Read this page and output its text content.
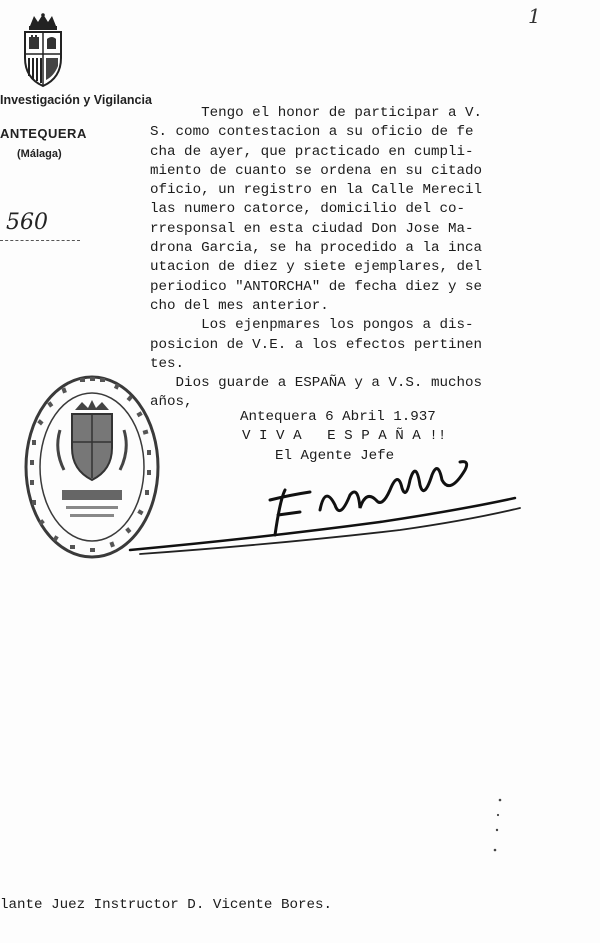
Investigación y Vigilancia
ANTEQUERA
(Málaga)
560
1
Tengo el honor de participar a V.
S. como contestacion a su oficio de fe
cha de ayer, que practicado en cumpli-
miento de cuanto se ordena en su citado
oficio, un registro en la Calle Merecil
las numero catorce, domicilio del co-
rresponsal en esta ciudad Don Jose Ma-
drona Garcia, se ha procedido a la inca
utacion de diez y siete ejemplares, del
periodico "ANTORCHA" de fecha diez y se
cho del mes anterior.
Los ejenpmares los pongos a dis-
posicion de V.E. a los efectos pertinen
tes.
Dios guarde a ESPAÑA y a V.S. muchos
años,
Antequera 6 Abril 1.937
V I V A   E S P A Ñ A !!
El Agente Jefe
lante Juez Instructor D. Vicente Bores.
